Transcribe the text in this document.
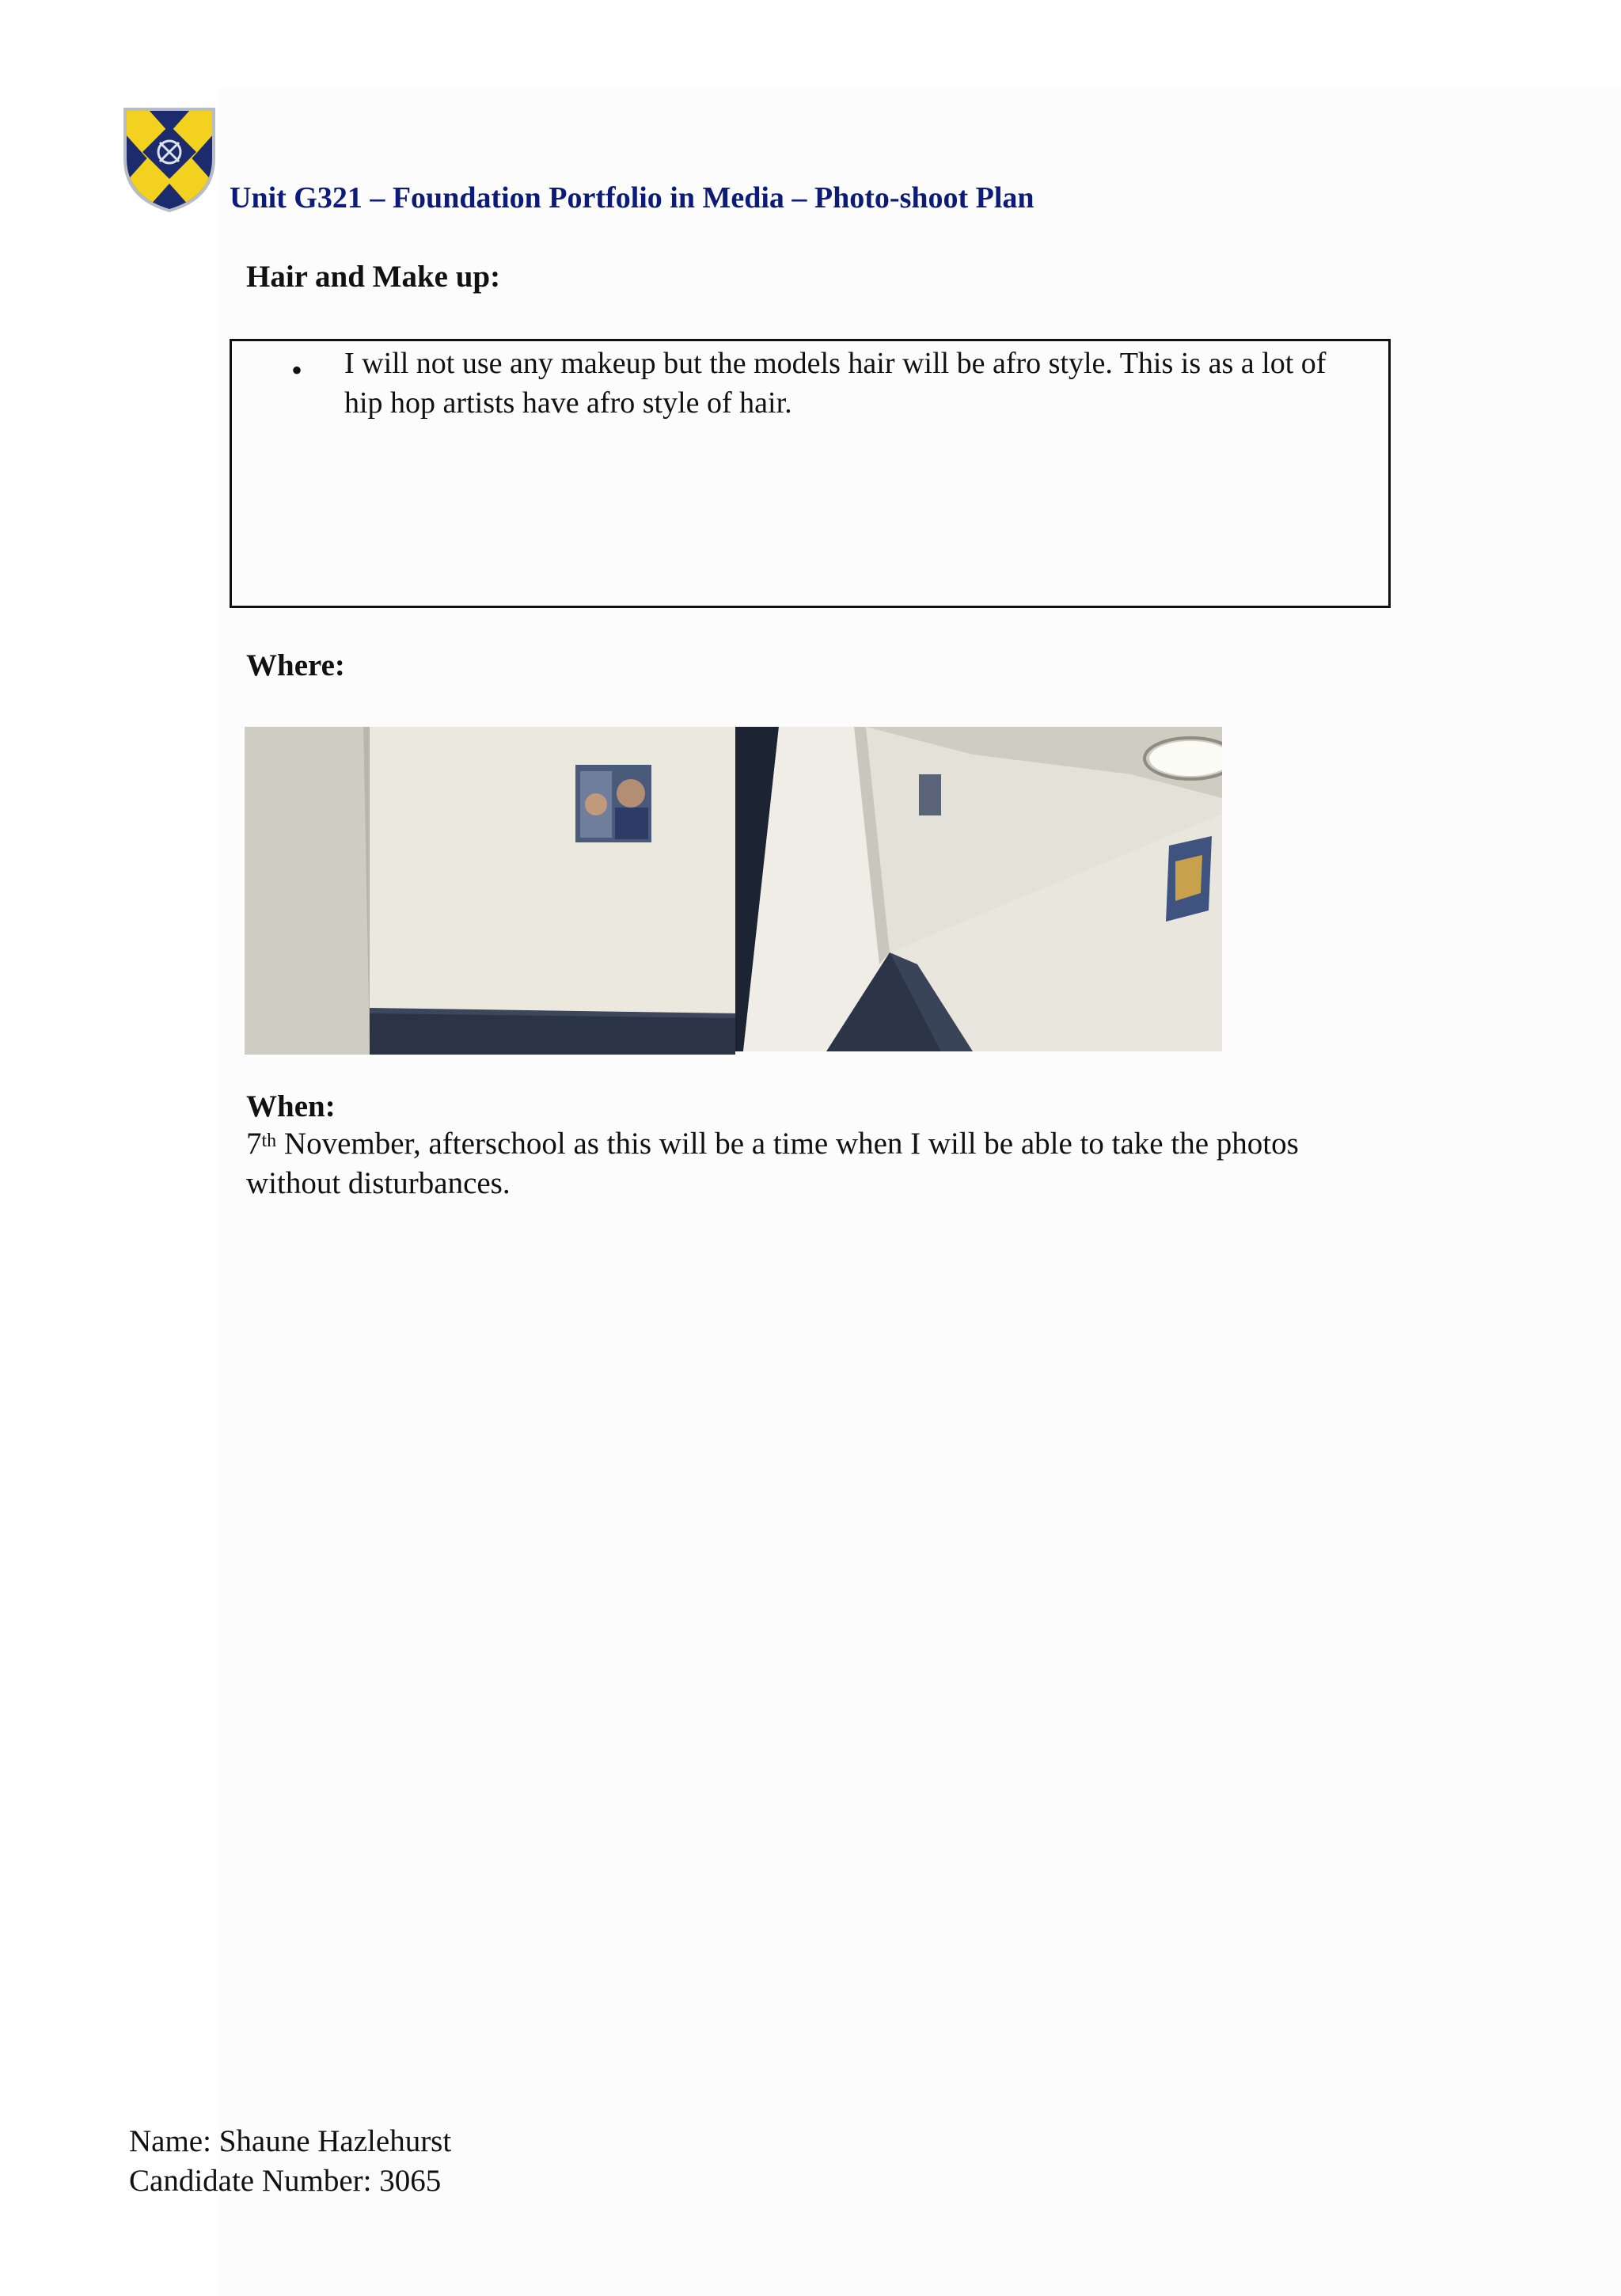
Unit G321 – Foundation Portfolio in Media – Photo-shoot Plan
Hair and Make up:
• I will not use any makeup but the models hair will be afro style. This is as a lot of hip hop artists have afro style of hair.
Where:
When:

7th November, afterschool as this will be a time when I will be able to take the photos without disturbances.

Name: Shaune Hazlehurst

Candidate Number: 3065
